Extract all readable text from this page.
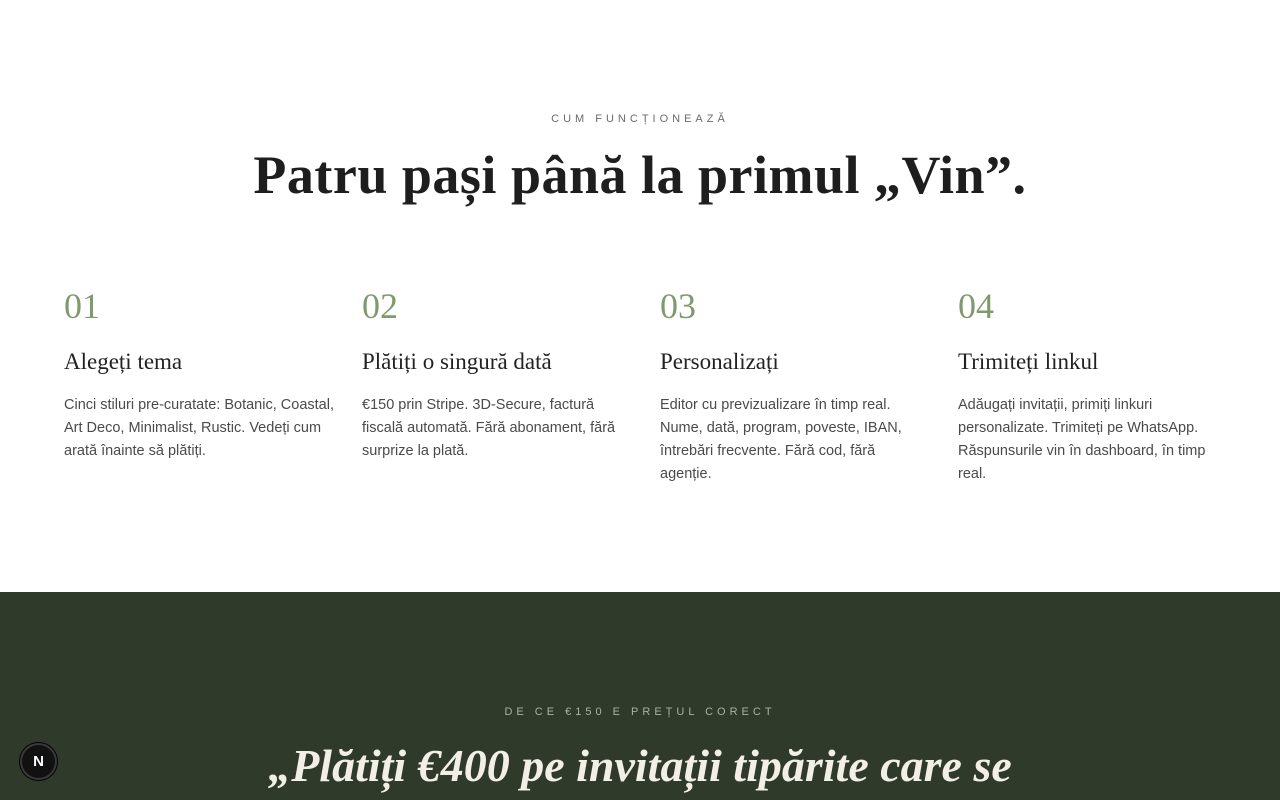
CUM FUNCȚIONEAZĂ
Patru pași până la primul „Vin”.
01
Alegeți tema

Cinci stiluri pre-curatate: Botanic, Coastal, Art Deco, Minimalist, Rustic. Vedeți cum arată înainte să plătiți.

02
Plătiți o singură dată

€150 prin Stripe. 3D-Secure, factură fiscală automată. Fără abonament, fără surprize la plată.

03
Personalizați

Editor cu previzualizare în timp real. Nume, dată, program, poveste, IBAN, întrebări frecvente. Fără cod, fără agenție.

04
Trimiteți linkul

Adăugați invitații, primiți linkuri personalizate. Trimiteți pe WhatsApp. Răspunsurile vin în dashboard, în timp real.

DE CE €150 E PREȚUL CORECT
„Plătiți €400 pe invitații tipărite care se
N
